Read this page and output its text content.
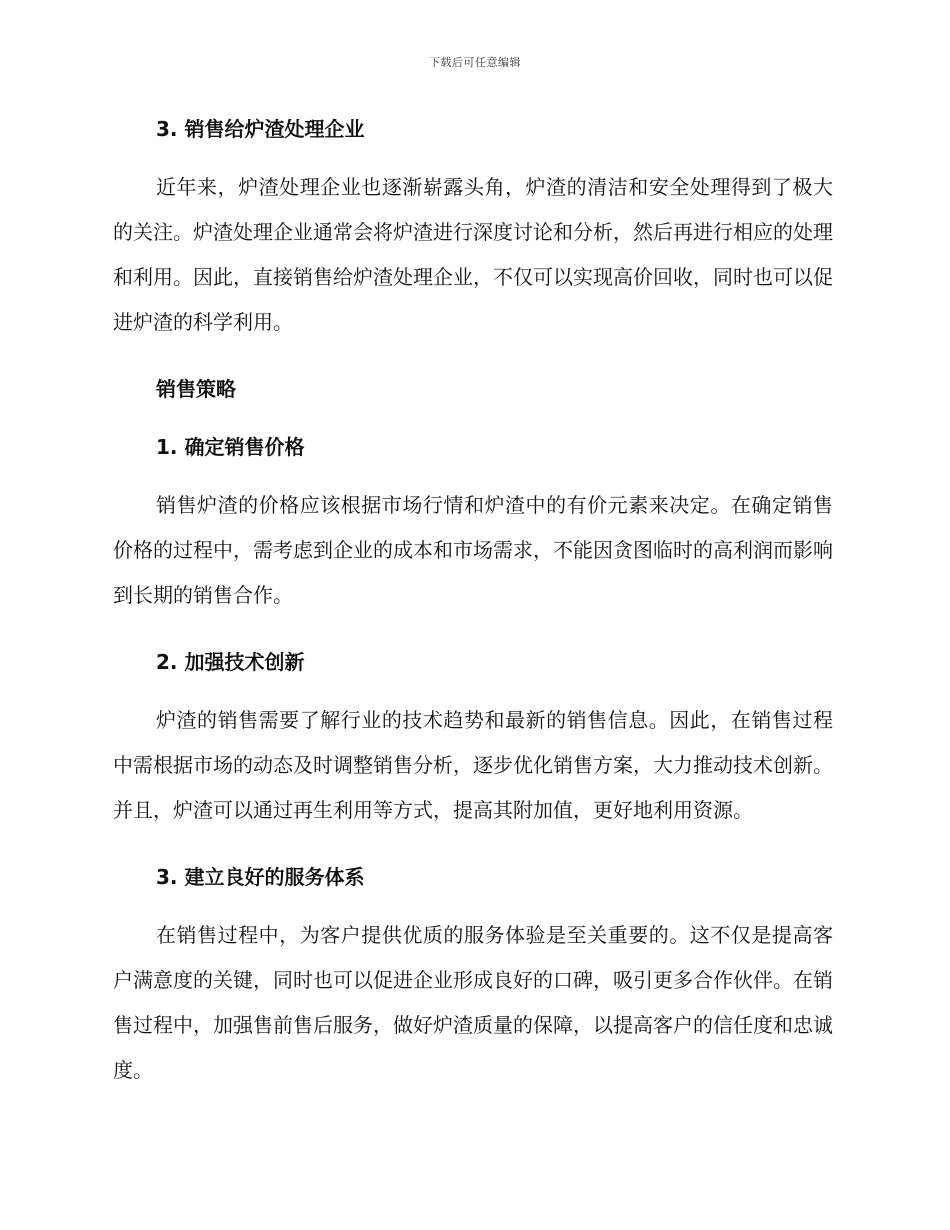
下载后可任意编辑
3. 销售给炉渣处理企业

近年来，炉渣处理企业也逐渐崭露头角，炉渣的清洁和安全处理得到了极大的关注。炉渣处理企业通常会将炉渣进行深度讨论和分析，然后再进行相应的处理和利用。因此，直接销售给炉渣处理企业，不仅可以实现高价回收，同时也可以促进炉渣的科学利用。

销售策略
1. 确定销售价格

销售炉渣的价格应该根据市场行情和炉渣中的有价元素来决定。在确定销售价格的过程中，需考虑到企业的成本和市场需求，不能因贪图临时的高利润而影响到长期的销售合作。

2. 加强技术创新

炉渣的销售需要了解行业的技术趋势和最新的销售信息。因此，在销售过程中需根据市场的动态及时调整销售分析，逐步优化销售方案，大力推动技术创新。并且，炉渣可以通过再生利用等方式，提高其附加值，更好地利用资源。

3. 建立良好的服务体系

在销售过程中，为客户提供优质的服务体验是至关重要的。这不仅是提高客户满意度的关键，同时也可以促进企业形成良好的口碑，吸引更多合作伙伴。在销售过程中，加强售前售后服务，做好炉渣质量的保障，以提高客户的信任度和忠诚度。
